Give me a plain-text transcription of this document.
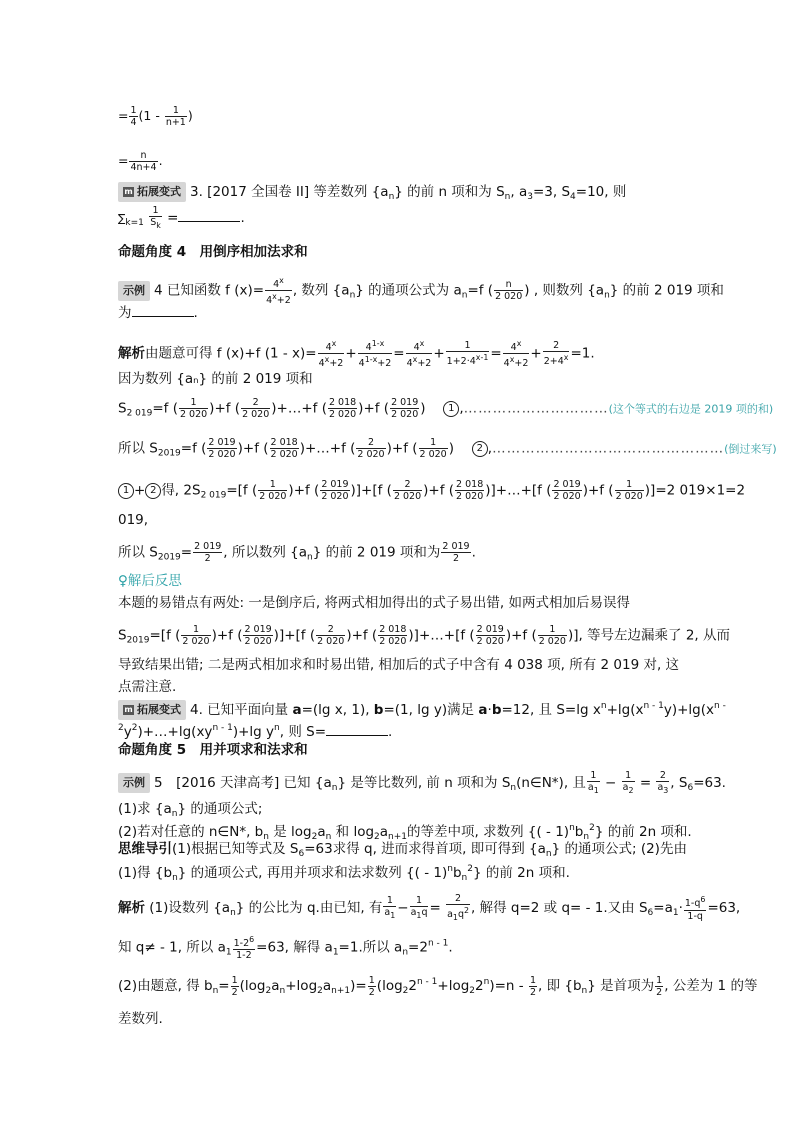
= $\frac{1}{4} (1 - \frac{1}{n+1}$ )
= $\frac{n}{4n+4}$ .
m 拓展变式 3. [2017 全国卷 II] 等差数列 $\{a_n\}$ 的前 n 项和为 $S_n$, $a_3=3$, $S_4=10$, 则
$\sum_{k=1} \frac{1}{S_k}$ =	.
命题角度 4　用倒序相加法求和
示例 4 已知函数 f $(x)= \frac{4^x}{4^x+2}$ , 数列 $\{a_n\}$ 的通项公式为 $a_n=f$ ( $\frac{n}{2 020}$ ) , 则数列 $\{a_n\}$ 的前 2 019 项和
为	.
解析由题意可得 f (x)+f $(1 - x)= \frac{4^x}{4^x+2} + \frac{4^{1-x}}{4^{1-x}+2} = \frac{4^x}{4^x+2} + \frac{1}{1+2\cdot 4^{x-1}} = \frac{4^x}{4^x+2} + \frac{2}{2+4^x} =1$.
因为数列 {aₙ} 的前 2 019 项和
$S_{2 019}=f$ ( $\frac{1}{2 020} )+f$ ( $\frac{2}{2 020}$ )+…+f ( $\frac{2 018}{2 020} )+f$ ( $\frac{2 019}{2 020}$ )　 1 ,…………………………(这个等式的右边是 2019 项的和)
所以 $S_{2019}=f$ ( $\frac{2 019}{2 020} )+f$ ( $\frac{2 018}{2 020}$ )+…+f ( $\frac{2}{2 020} )+f$ ( $\frac{1}{2 020}$ )　 2 ,…………………………………………(倒过来写)
1 + 2 得, $2S_{2 019}=[f$ ( $\frac{1}{2 020} )+f$ ( $\frac{2 019}{2 020} )]+[f$ ( $\frac{2}{2 020} )+f$ ( $\frac{2 018}{2 020}$ )]+…+[f ( $\frac{2 019}{2 020} )+f$ ( $\frac{1}{2 020} )]=2$ 019×1=2
019,
所以 $S_{2019}= \frac{2 019}{2}$ , 所以数列 $\{a_n\}$ 的前 2 019 项和为 $\frac{2 019}{2}$ .
♀解后反思
本题的易错点有两处: 一是倒序后, 将两式相加得出的式子易出错, 如两式相加后易误得
$S_{2019}=[f$ ( $\frac{1}{2 020} )+f$ ( $\frac{2 019}{2 020} )]+[f$ ( $\frac{2}{2 020} )+f$ ( $\frac{2 018}{2 020}$ )]+…+[f ( $\frac{2 019}{2 020} )+f$ ( $\frac{1}{2 020}$ )], 等号左边漏乘了 2, 从而
导致结果出错; 二是两式相加求和时易出错, 相加后的式子中含有 4 038 项, 所有 2 019 对, 这
点需注意.
m 拓展变式 4. 已知平面向量 a=(lg x, 1), b=(1, lg y)满足 a·b=12, 且 S=lg $x^n+\lg(x^{n - 1}y)+\lg(x^{n -}$
$^2y^2)+\dots+\lg(xy^{n - 1})+\lg$ $y^n$, 则 S=	.
命题角度 5　用并项求和法求和
示例 5　[2016 天津高考] 已知 $\{a_n\}$ 是等比数列, 前 n 项和为 $S_n(n\in N*)$, 且 $\frac{1}{a_1} - \frac{1}{a_2} = \frac{2}{a_3}$ , $S_6=63$.
(1)求 $\{a_n\}$ 的通项公式;
(2)若对任意的 n∈N*, $b_n$ 是 $\log_2a_n$ 和 $\log_2a_{n+1}$的等差中项, 求数列 {( - $1)^nb_n^2$} 的前 2n 项和.
思维导引(1)根据已知等式及 $S_6=63$求得 q, 进而求得首项, 即可得到 $\{a_n\}$ 的通项公式; (2)先由
(1)得 $\{b_n\}$ 的通项公式, 再用并项求和法求数列 {( - $1)^nb_n^2$} 的前 2n 项和.
解析 (1)设数列 $\{a_n\}$ 的公比为 q.由已知, 有 $\frac{1}{a_1} - \frac{1}{a_1q} = \frac{2}{a_1q^2}$ , 解得 q=2 或 q= - 1.又由 $S_6=a_1\cdot \frac{1-q^6}{1-q} =63$,
知 q≠ - 1, 所以 $a_1 \frac{1-2^6}{1-2} =63$, 解得 $a_1=1$.所以 $a_n=2^{n - 1}$.
(2)由题意, 得 $b_n= \frac{1}{2} (\log_2a_n+\log_2a_{n+1})= \frac{1}{2} (\log_22^{n - 1}+\log_22^n)=n - \frac{1}{2}$ , 即 $\{b_n\}$ 是首项为 $\frac{1}{2}$ , 公差为 1 的等
差数列.
